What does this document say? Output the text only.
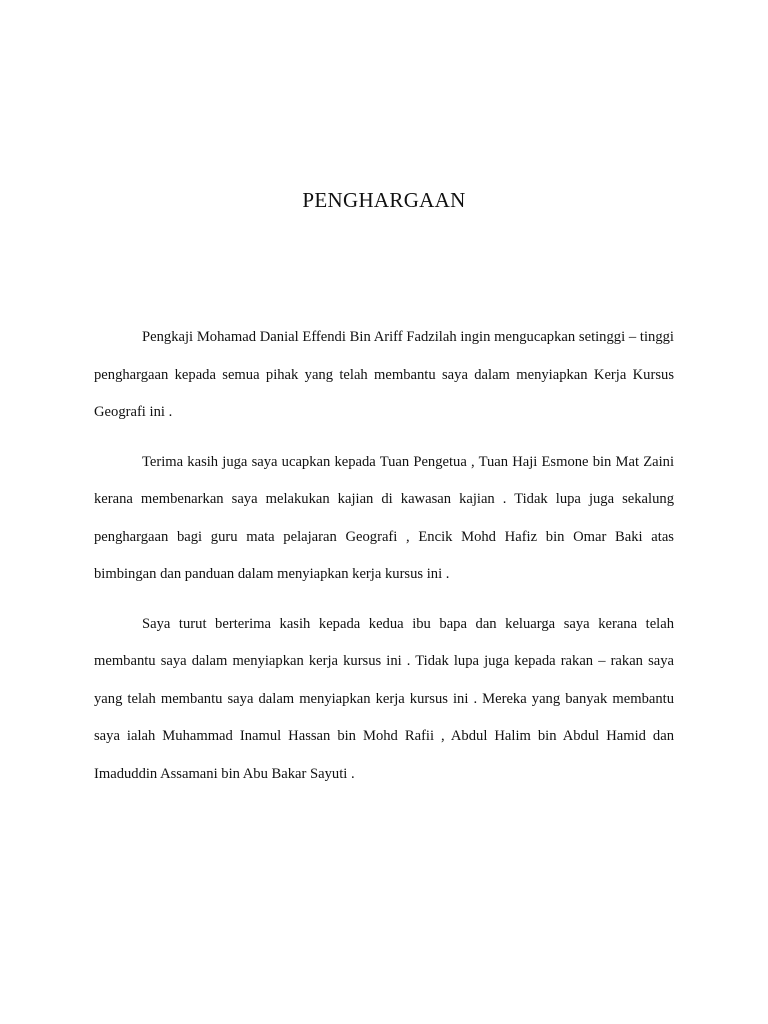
PENGHARGAAN

Pengkaji Mohamad Danial Effendi Bin Ariff Fadzilah ingin mengucapkan setinggi – tinggi penghargaan kepada semua pihak yang telah membantu saya dalam menyiapkan Kerja Kursus Geografi ini .

Terima kasih juga saya ucapkan kepada Tuan Pengetua , Tuan Haji Esmone bin Mat Zaini kerana membenarkan saya melakukan kajian di kawasan kajian . Tidak lupa juga sekalung penghargaan bagi guru mata pelajaran Geografi , Encik Mohd Hafiz bin Omar Baki atas bimbingan dan panduan dalam menyiapkan kerja kursus ini .

Saya turut berterima kasih kepada kedua ibu bapa dan keluarga saya kerana telah membantu saya dalam menyiapkan kerja kursus ini . Tidak lupa juga kepada rakan – rakan saya yang telah membantu saya dalam menyiapkan kerja kursus ini . Mereka yang banyak membantu saya ialah Muhammad Inamul Hassan bin Mohd Rafii , Abdul Halim bin Abdul Hamid dan Imaduddin Assamani bin Abu Bakar Sayuti .
